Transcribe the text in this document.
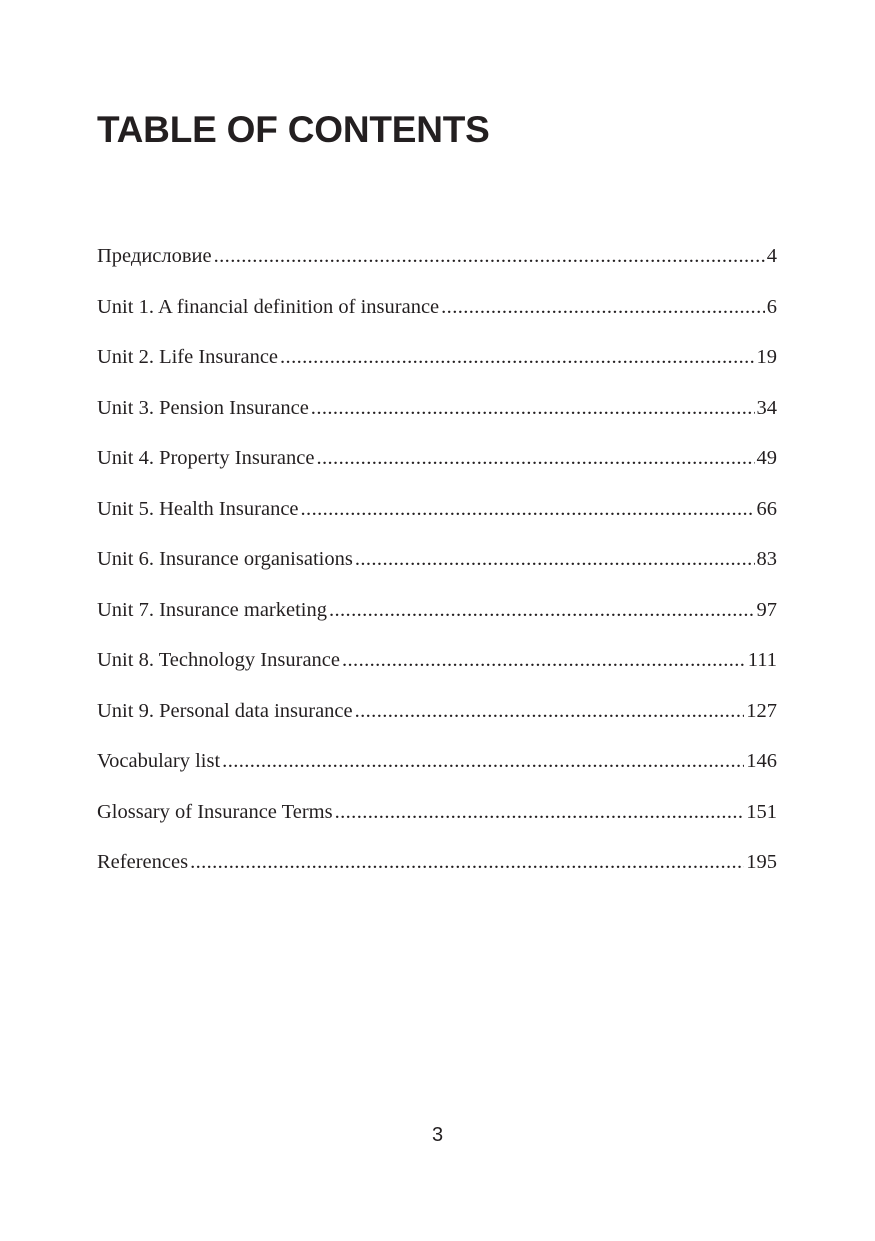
TABLE OF CONTENTS
Предисловие .....	4
Unit 1. A financial definition of insurance .....	6
Unit 2. Life Insurance .....	19
Unit 3. Pension Insurance .....	34
Unit 4. Property Insurance .....	49
Unit 5. Health Insurance .....	66
Unit 6. Insurance organisations .....	83
Unit 7. Insurance marketing .....	97
Unit 8. Technology Insurance .....	111
Unit 9. Personal data insurance .....	127
Vocabulary list .....	146
Glossary of Insurance Terms .....	151
References .....	195
3
